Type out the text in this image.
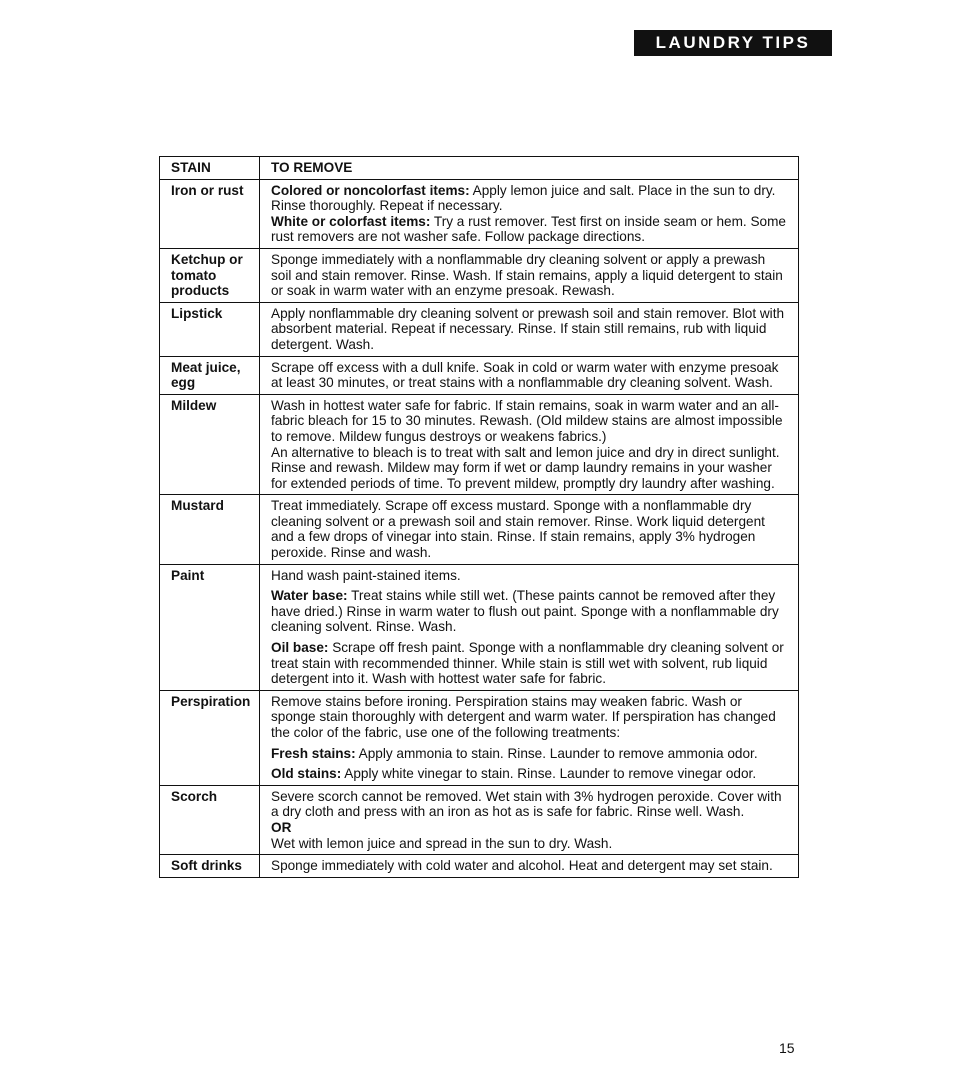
LAUNDRY TIPS
STAIN	TO REMOVE
Iron or rust	Colored or noncolorfast items: Apply lemon juice and salt. Place in the sun to dry. Rinse thoroughly. Repeat if necessary.
White or colorfast items: Try a rust remover. Test first on inside seam or hem. Some rust removers are not washer safe. Follow package directions.

Ketchup or tomato products	Sponge immediately with a nonflammable dry cleaning solvent or apply a prewash soil and stain remover. Rinse. Wash. If stain remains, apply a liquid detergent to stain or soak in warm water with an enzyme presoak. Rewash.

Lipstick	Apply nonflammable dry cleaning solvent or prewash soil and stain remover. Blot with absorbent material. Repeat if necessary. Rinse. If stain still remains, rub with liquid detergent. Wash.

Meat juice, egg	Scrape off excess with a dull knife. Soak in cold or warm water with enzyme presoak at least 30 minutes, or treat stains with a nonflammable dry cleaning solvent. Wash.

Mildew	Wash in hottest water safe for fabric. If stain remains, soak in warm water and an all-fabric bleach for 15 to 30 minutes. Rewash. (Old mildew stains are almost impossible to remove. Mildew fungus destroys or weakens fabrics.)
An alternative to bleach is to treat with salt and lemon juice and dry in direct sunlight. Rinse and rewash. Mildew may form if wet or damp laundry remains in your washer for extended periods of time. To prevent mildew, promptly dry laundry after washing.

Mustard	Treat immediately. Scrape off excess mustard. Sponge with a nonflammable dry cleaning solvent or a prewash soil and stain remover. Rinse. Work liquid detergent and a few drops of vinegar into stain. Rinse. If stain remains, apply 3% hydrogen peroxide. Rinse and wash.

Paint	Hand wash paint-stained items.
Water base: Treat stains while still wet. (These paints cannot be removed after they have dried.) Rinse in warm water to flush out paint. Sponge with a nonflammable dry cleaning solvent. Rinse. Wash.
Oil base: Scrape off fresh paint. Sponge with a nonflammable dry cleaning solvent or treat stain with recommended thinner. While stain is still wet with solvent, rub liquid detergent into it. Wash with hottest water safe for fabric.

Perspiration	Remove stains before ironing. Perspiration stains may weaken fabric. Wash or sponge stain thoroughly with detergent and warm water. If perspiration has changed the color of the fabric, use one of the following treatments:
Fresh stains: Apply ammonia to stain. Rinse. Launder to remove ammonia odor.
Old stains: Apply white vinegar to stain. Rinse. Launder to remove vinegar odor.

Scorch	Severe scorch cannot be removed. Wet stain with 3% hydrogen peroxide. Cover with a dry cloth and press with an iron as hot as is safe for fabric. Rinse well. Wash.
OR
Wet with lemon juice and spread in the sun to dry. Wash.

Soft drinks	Sponge immediately with cold water and alcohol. Heat and detergent may set stain.
15
